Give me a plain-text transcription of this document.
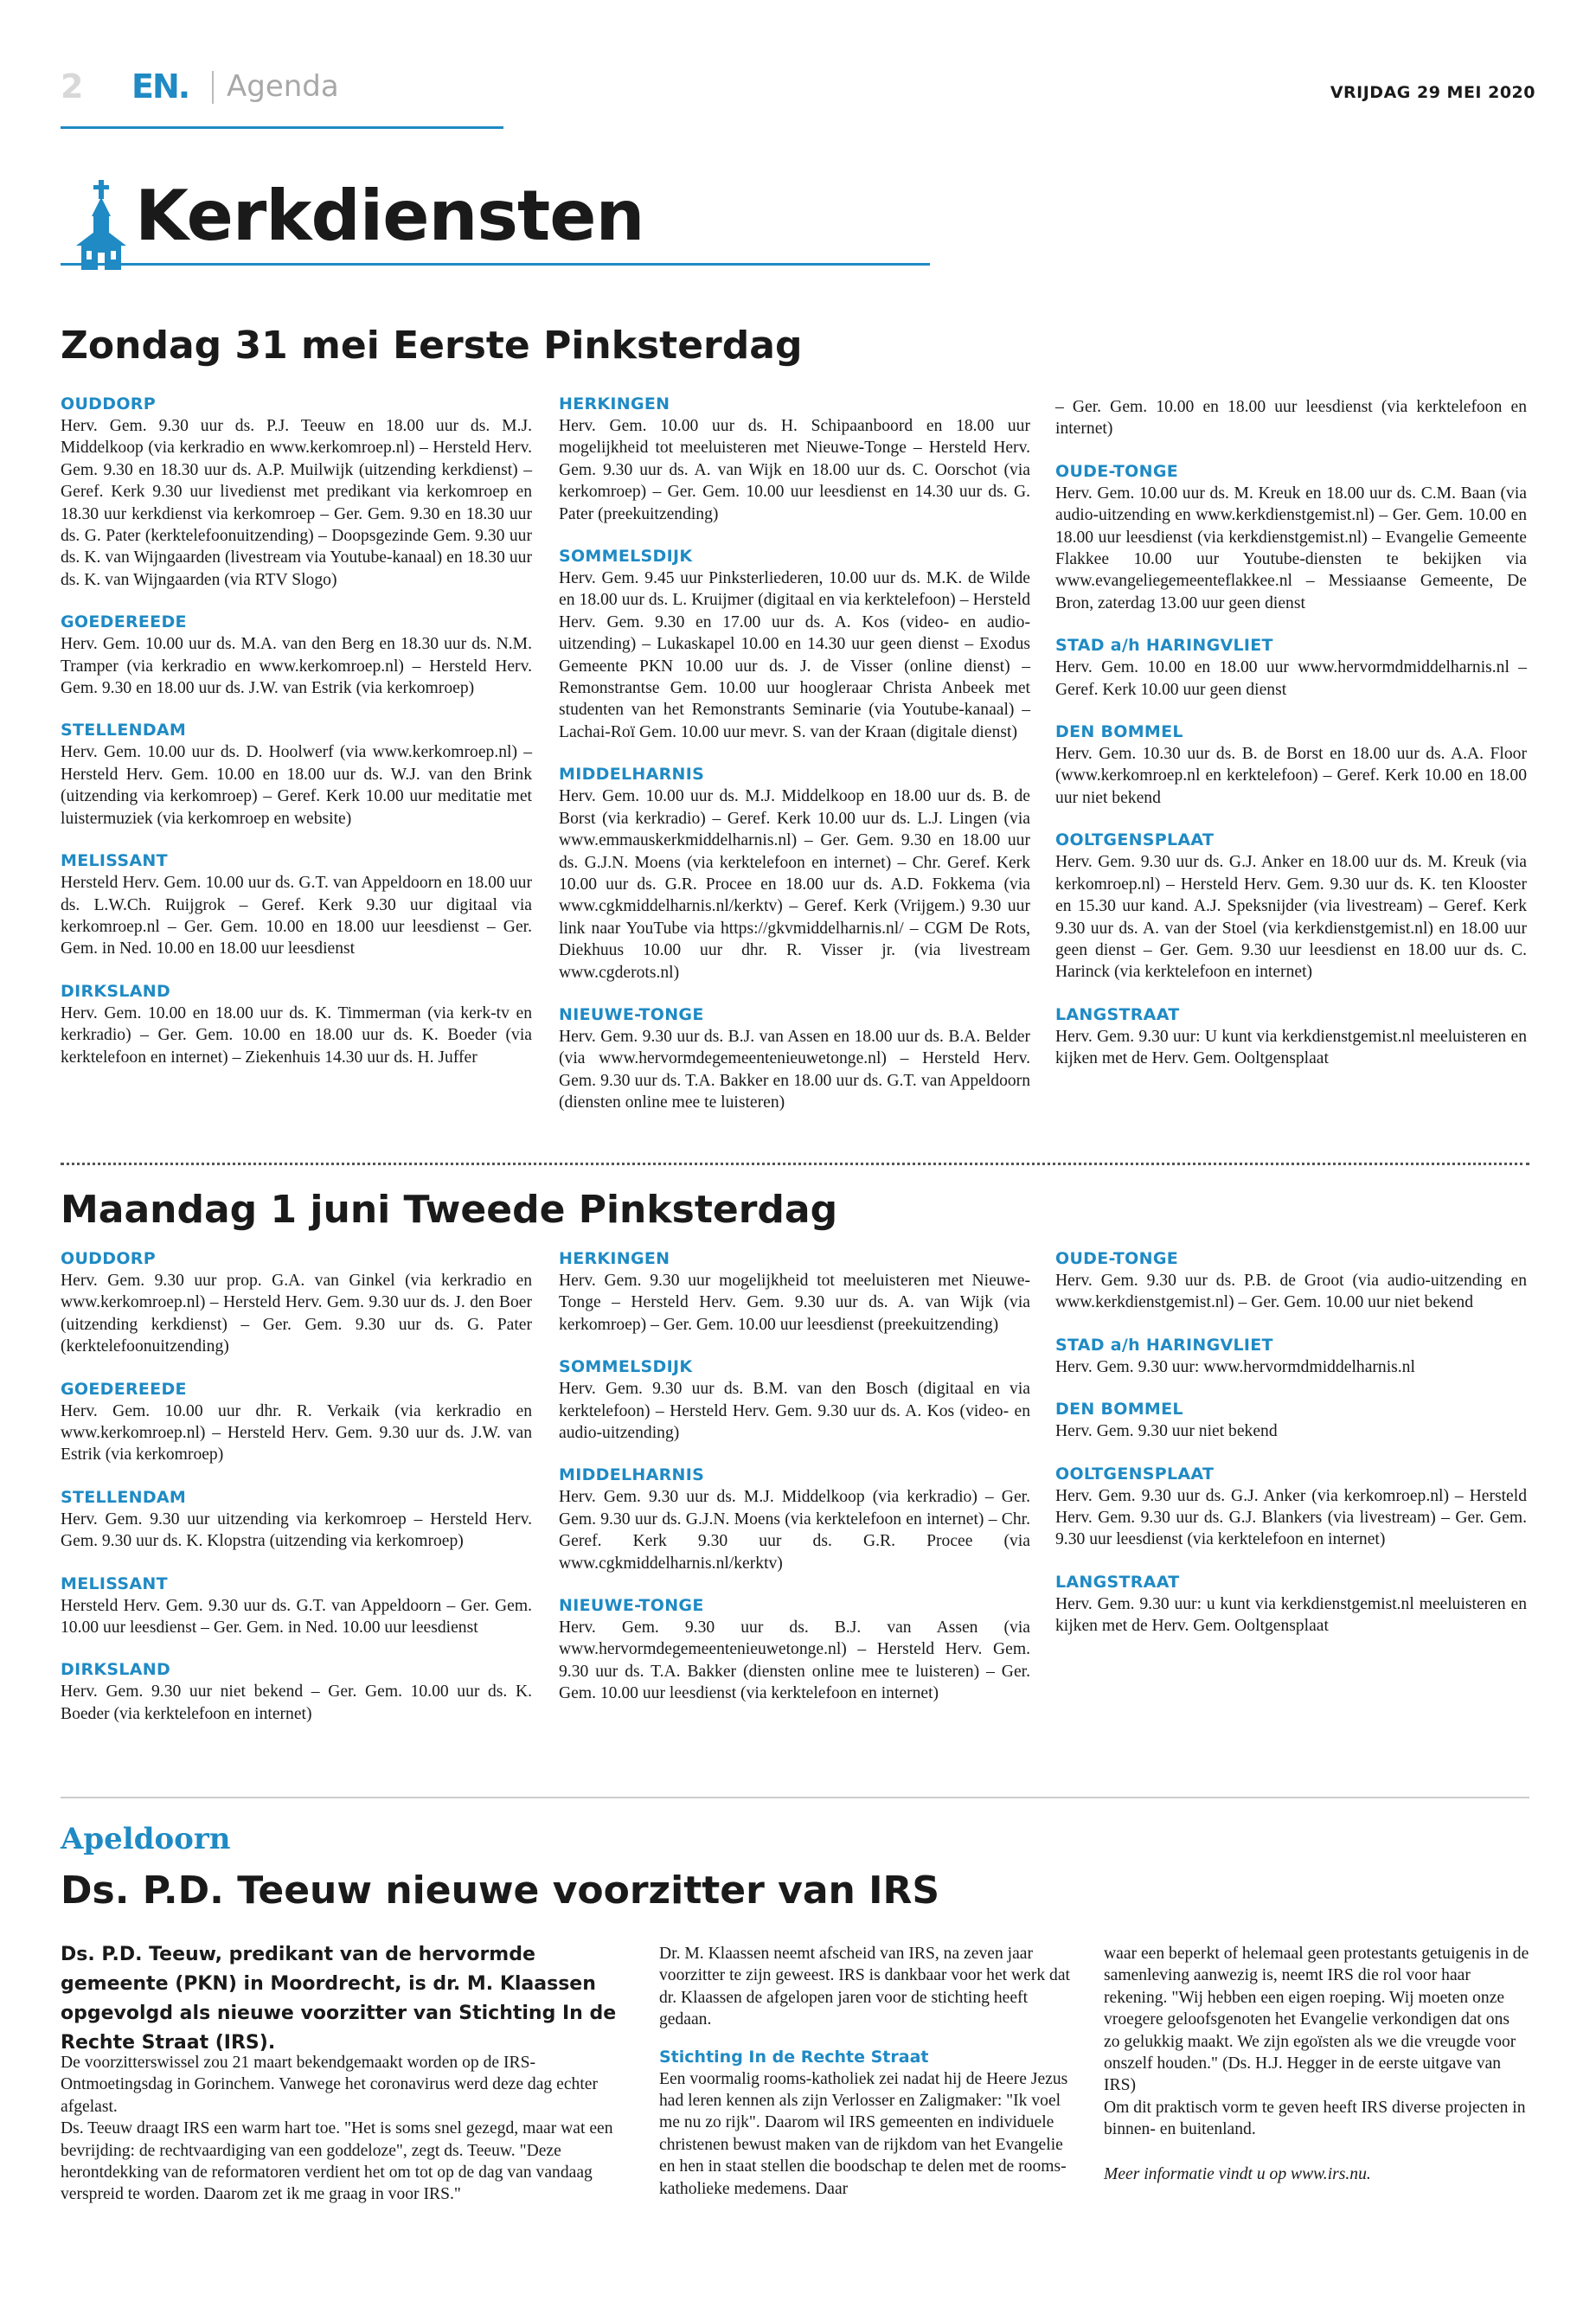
2 EN. Agenda	VRIJDAG 29 MEI 2020
Kerkdiensten
Zondag 31 mei Eerste Pinksterdag
OUDDORP
Herv. Gem. 9.30 uur ds. P.J. Teeuw en 18.00 uur ds. M.J. Middelkoop (via kerkradio en www.kerkomroep.nl) – Hersteld Herv. Gem. 9.30 en 18.30 uur ds. A.P. Muilwijk (uitzending kerkdienst) – Geref. Kerk 9.30 uur livedienst met predikant via kerkomroep en 18.30 uur kerkdienst via kerkomroep – Ger. Gem. 9.30 en 18.30 uur ds. G. Pater (kerktelefoonuitzending) – Doopsgezinde Gem. 9.30 uur ds. K. van Wijngaarden (livestream via Youtube-kanaal) en 18.30 uur ds. K. van Wijngaarden (via RTV Slogo)
GOEDEREEDE
Herv. Gem. 10.00 uur ds. M.A. van den Berg en 18.30 uur ds. N.M. Tramper (via kerkradio en www.kerkomroep.nl) – Hersteld Herv. Gem. 9.30 en 18.00 uur ds. J.W. van Estrik (via kerkomroep)
STELLENDAM
Herv. Gem. 10.00 uur ds. D. Hoolwerf (via www.kerkomroep.nl) – Hersteld Herv. Gem. 10.00 en 18.00 uur ds. W.J. van den Brink (uitzending via kerkomroep) – Geref. Kerk 10.00 uur meditatie met luistermuziek (via kerkomroep en website)
MELISSANT
Hersteld Herv. Gem. 10.00 uur ds. G.T. van Appeldoorn en 18.00 uur ds. L.W.Ch. Ruijgrok – Geref. Kerk 9.30 uur digitaal via kerkomroep.nl – Ger. Gem. 10.00 en 18.00 uur leesdienst – Ger. Gem. in Ned. 10.00 en 18.00 uur leesdienst
DIRKSLAND
Herv. Gem. 10.00 en 18.00 uur ds. K. Timmerman (via kerk-tv en kerkradio) – Ger. Gem. 10.00 en 18.00 uur ds. K. Boeder (via kerktelefoon en internet) – Ziekenhuis 14.30 uur ds. H. Juffer
HERKINGEN
Herv. Gem. 10.00 uur ds. H. Schipaanboord en 18.00 uur mogelijkheid tot meeluisteren met Nieuwe-Tonge – Hersteld Herv. Gem. 9.30 uur ds. A. van Wijk en 18.00 uur ds. C. Oorschot (via kerkomroep) – Ger. Gem. 10.00 uur leesdienst en 14.30 uur ds. G. Pater (preekuitzending)
SOMMELSDIJK
Herv. Gem. 9.45 uur Pinksterliederen, 10.00 uur ds. M.K. de Wilde en 18.00 uur ds. L. Kruijmer (digitaal en via kerktelefoon) – Hersteld Herv. Gem. 9.30 en 17.00 uur ds. A. Kos (video- en audio-uitzending) – Lukaskapel 10.00 en 14.30 uur geen dienst – Exodus Gemeente PKN 10.00 uur ds. J. de Visser (online dienst) – Remonstrantse Gem. 10.00 uur hoogleraar Christa Anbeek met studenten van het Remonstrants Seminarie (via Youtube-kanaal) – Lachai-Roï Gem. 10.00 uur mevr. S. van der Kraan (digitale dienst)
MIDDELHARNIS
Herv. Gem. 10.00 uur ds. M.J. Middelkoop en 18.00 uur ds. B. de Borst (via kerkradio) – Geref. Kerk 10.00 uur ds. L.J. Lingen (via www.emmauskerkmiddelharnis.nl) – Ger. Gem. 9.30 en 18.00 uur ds. G.J.N. Moens (via kerktelefoon en internet) – Chr. Geref. Kerk 10.00 uur ds. G.R. Procee en 18.00 uur ds. A.D. Fokkema (via www.cgkmiddelharnis.nl/kerktv) – Geref. Kerk (Vrijgem.) 9.30 uur link naar YouTube via https://gkvmiddelharnis.nl/ – CGM De Rots, Diekhuus 10.00 uur dhr. R. Visser jr. (via livestream www.cgderots.nl)
NIEUWE-TONGE
Herv. Gem. 9.30 uur ds. B.J. van Assen en 18.00 uur ds. B.A. Belder (via www.hervormdegemeentenieuwetonge.nl) – Hersteld Herv. Gem. 9.30 uur ds. T.A. Bakker en 18.00 uur ds. G.T. van Appeldoorn (diensten online mee te luisteren)
– Ger. Gem. 10.00 en 18.00 uur leesdienst (via kerktelefoon en internet)
OUDE-TONGE
Herv. Gem. 10.00 uur ds. M. Kreuk en 18.00 uur ds. C.M. Baan (via audio-uitzending en www.kerkdienstgemist.nl) – Ger. Gem. 10.00 en 18.00 uur leesdienst (via kerkdienstgemist.nl) – Evangelie Gemeente Flakkee 10.00 uur Youtube-diensten te bekijken via www.evangeliegemeenteflakkee.nl – Messiaanse Gemeente, De Bron, zaterdag 13.00 uur geen dienst
STAD a/h HARINGVLIET
Herv. Gem. 10.00 en 18.00 uur www.hervormdmiddelharnis.nl – Geref. Kerk 10.00 uur geen dienst
DEN BOMMEL
Herv. Gem. 10.30 uur ds. B. de Borst en 18.00 uur ds. A.A. Floor (www.kerkomroep.nl en kerktelefoon) – Geref. Kerk 10.00 en 18.00 uur niet bekend
OOLTGENSPLAAT
Herv. Gem. 9.30 uur ds. G.J. Anker en 18.00 uur ds. M. Kreuk (via kerkomroep.nl) – Hersteld Herv. Gem. 9.30 uur ds. K. ten Klooster en 15.30 uur kand. A.J. Speksnijder (via livestream) – Geref. Kerk 9.30 uur ds. A. van der Stoel (via kerkdienstgemist.nl) en 18.00 uur geen dienst – Ger. Gem. 9.30 uur leesdienst en 18.00 uur ds. C. Harinck (via kerktelefoon en internet)
LANGSTRAAT
Herv. Gem. 9.30 uur: U kunt via kerkdienstgemist.nl meeluisteren en kijken met de Herv. Gem. Ooltgensplaat
Maandag 1 juni Tweede Pinksterdag
OUDDORP
Herv. Gem. 9.30 uur prop. G.A. van Ginkel (via kerkradio en www.kerkomroep.nl) – Hersteld Herv. Gem. 9.30 uur ds. J. den Boer (uitzending kerkdienst) – Ger. Gem. 9.30 uur ds. G. Pater (kerktelefoonuitzending)
GOEDEREEDE
Herv. Gem. 10.00 uur dhr. R. Verkaik (via kerkradio en www.kerkomroep.nl) – Hersteld Herv. Gem. 9.30 uur ds. J.W. van Estrik (via kerkomroep)
STELLENDAM
Herv. Gem. 9.30 uur uitzending via kerkomroep – Hersteld Herv. Gem. 9.30 uur ds. K. Klopstra (uitzending via kerkomroep)
MELISSANT
Hersteld Herv. Gem. 9.30 uur ds. G.T. van Appeldoorn – Ger. Gem. 10.00 uur leesdienst – Ger. Gem. in Ned. 10.00 uur leesdienst
DIRKSLAND
Herv. Gem. 9.30 uur niet bekend – Ger. Gem. 10.00 uur ds. K. Boeder (via kerktelefoon en internet)
HERKINGEN
Herv. Gem. 9.30 uur mogelijkheid tot meeluisteren met Nieuwe-Tonge – Hersteld Herv. Gem. 9.30 uur ds. A. van Wijk (via kerkomroep) – Ger. Gem. 10.00 uur leesdienst (preekuitzending)
SOMMELSDIJK
Herv. Gem. 9.30 uur ds. B.M. van den Bosch (digitaal en via kerktelefoon) – Hersteld Herv. Gem. 9.30 uur ds. A. Kos (video- en audio-uitzending)
MIDDELHARNIS
Herv. Gem. 9.30 uur ds. M.J. Middelkoop (via kerkradio) – Ger. Gem. 9.30 uur ds. G.J.N. Moens (via kerktelefoon en internet) – Chr. Geref. Kerk 9.30 uur ds. G.R. Procee (via www.cgkmiddelharnis.nl/kerktv)
NIEUWE-TONGE
Herv. Gem. 9.30 uur ds. B.J. van Assen (via www.hervormdegemeentenieuwetonge.nl) – Hersteld Herv. Gem. 9.30 uur ds. T.A. Bakker (diensten online mee te luisteren) – Ger. Gem. 10.00 uur leesdienst (via kerktelefoon en internet)
OUDE-TONGE
Herv. Gem. 9.30 uur ds. P.B. de Groot (via audio-uitzending en www.kerkdienstgemist.nl) – Ger. Gem. 10.00 uur niet bekend
STAD a/h HARINGVLIET
Herv. Gem. 9.30 uur: www.hervormdmiddelharnis.nl
DEN BOMMEL
Herv. Gem. 9.30 uur niet bekend
OOLTGENSPLAAT
Herv. Gem. 9.30 uur ds. G.J. Anker (via kerkomroep.nl) – Hersteld Herv. Gem. 9.30 uur ds. G.J. Blankers (via livestream) – Ger. Gem. 9.30 uur leesdienst (via kerktelefoon en internet)
LANGSTRAAT
Herv. Gem. 9.30 uur: u kunt via kerkdienstgemist.nl meeluisteren en kijken met de Herv. Gem. Ooltgensplaat
Apeldoorn
Ds. P.D. Teeuw nieuwe voorzitter van IRS
Ds. P.D. Teeuw, predikant van de hervormde gemeente (PKN) in Moordrecht, is dr. M. Klaassen opgevolgd als nieuwe voorzitter van Stichting In de Rechte Straat (IRS).

De voorzitterswissel zou 21 maart bekendgemaakt worden op de IRS-Ontmoetingsdag in Gorinchem. Vanwege het coronavirus werd deze dag echter afgelast.

Ds. Teeuw draagt IRS een warm hart toe. "Het is soms snel gezegd, maar wat een bevrijding: de rechtvaardiging van een goddeloze", zegt ds. Teeuw. "Deze herontdekking van de reformatoren verdient het om tot op de dag van vandaag verspreid te worden. Daarom zet ik me graag in voor IRS."

Dr. M. Klaassen neemt afscheid van IRS, na zeven jaar voorzitter te zijn geweest. IRS is dankbaar voor het werk dat dr. Klaassen de afgelopen jaren voor de stichting heeft gedaan.

Stichting In de Rechte Straat

Een voormalig rooms-katholiek zei nadat hij de Heere Jezus had leren kennen als zijn Verlosser en Zaligmaker: "Ik voel me nu zo rijk". Daarom wil IRS gemeenten en individuele christenen bewust maken van de rijkdom van het Evangelie en hen in staat stellen die boodschap te delen met de rooms-katholieke medemens. Daar

waar een beperkt of helemaal geen protestants getuigenis in de samenleving aanwezig is, neemt IRS die rol voor haar rekening. "Wij hebben een eigen roeping. Wij moeten onze vroegere geloofsgenoten het Evangelie verkondigen dat ons zo gelukkig maakt. We zijn egoïsten als we die vreugde voor onszelf houden." (Ds. H.J. Hegger in de eerste uitgave van IRS)
Om dit praktisch vorm te geven heeft IRS diverse projecten in binnen- en buitenland.

Meer informatie vindt u op www.irs.nu.
